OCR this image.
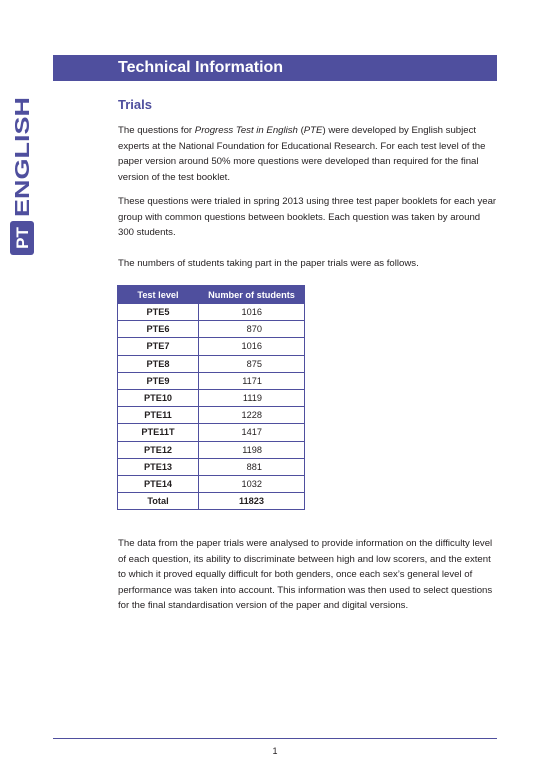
Technical Information
PT
ENGLISH
Trials

The questions for Progress Test in English (PTE) were developed by English subject experts at the National Foundation for Educational Research. For each test level of the paper version around 50% more questions were developed than required for the final version of the test booklet.

These questions were trialed in spring 2013 using three test paper booklets for each year group with common questions between booklets. Each question was taken by around 300 students.

The numbers of students taking part in the paper trials were as follows.

Test level	Number of students
PTE5	1016
PTE6	870
PTE7	1016
PTE8	875
PTE9	1171
PTE10	1119
PTE11	1228
PTE11T	1417
PTE12	1198
PTE13	881
PTE14	1032
Total	11823

The data from the paper trials were analysed to provide information on the difficulty level of each question, its ability to discriminate between high and low scorers, and the extent to which it proved equally difficult for both genders, once each sex’s general level of performance was taken into account. This information was then used to select questions for the final standardisation version of the paper and digital versions.

1
